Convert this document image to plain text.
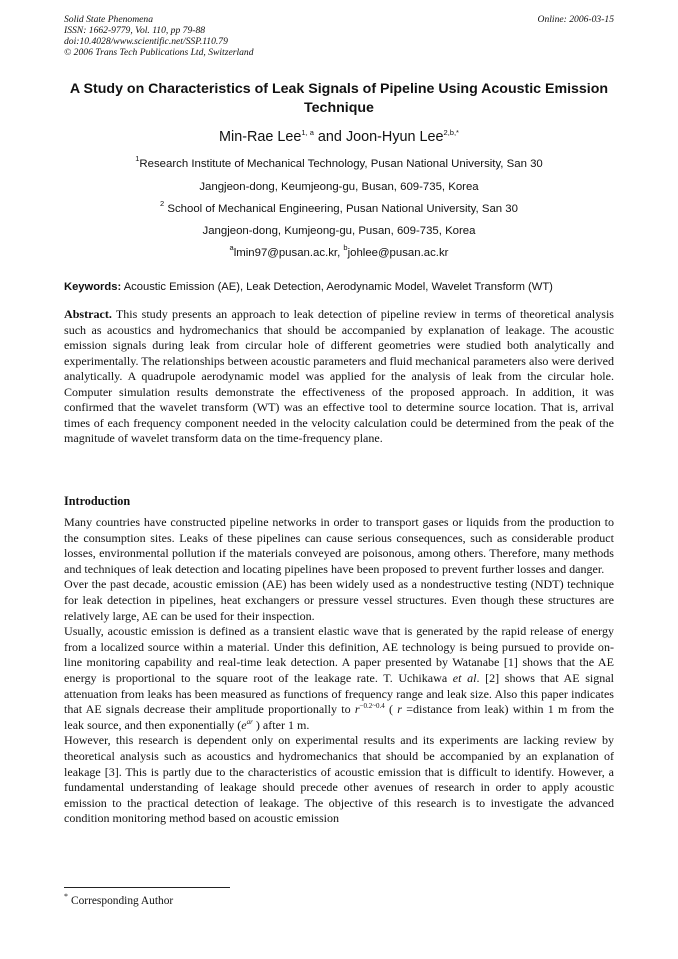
Solid State Phenomena
ISSN: 1662-9779, Vol. 110, pp 79-88
doi:10.4028/www.scientific.net/SSP.110.79
© 2006 Trans Tech Publications Ltd, Switzerland
Online: 2006-03-15
A Study on Characteristics of Leak Signals of Pipeline Using Acoustic Emission Technique
Min-Rae Lee$^{1, a}$ and Joon-Hyun Lee$^{2,b,*}$
$^1$Research Institute of Mechanical Technology, Pusan National University, San 30
Jangjeon-dong, Keumjeong-gu, Busan, 609-735, Korea
$^2$ School of Mechanical Engineering, Pusan National University, San 30
Jangjeon-dong, Kumjeong-gu, Pusan, 609-735, Korea
$^a$lmin97@pusan.ac.kr, $^b$johlee@pusan.ac.kr
Keywords: Acoustic Emission (AE), Leak Detection, Aerodynamic Model, Wavelet Transform (WT)

Abstract. This study presents an approach to leak detection of pipeline review in terms of theoretical analysis such as acoustics and hydromechanics that should be accompanied by explanation of leakage. The acoustic emission signals during leak from circular hole of different geometries were studied both analytically and experimentally. The relationships between acoustic parameters and fluid mechanical parameters also were derived analytically. A quadrupole aerodynamic model was applied for the analysis of leak from the circular hole. Computer simulation results demonstrate the effectiveness of the proposed approach. In addition, it was confirmed that the wavelet transform (WT) was an effective tool to determine source location. That is, arrival times of each frequency component needed in the velocity calculation could be determined from the peak of the magnitude of wavelet transform data on the time-frequency plane.

Introduction

Many countries have constructed pipeline networks in order to transport gases or liquids from the production to the consumption sites. Leaks of these pipelines can cause serious consequences, such as considerable product losses, environmental pollution if the materials conveyed are poisonous, among others. Therefore, many methods and techniques of leak detection and locating pipelines have been proposed to prevent further losses and danger.

Over the past decade, acoustic emission (AE) has been widely used as a nondestructive testing (NDT) technique for leak detection in pipelines, heat exchangers or pressure vessel structures. Even though these structures are relatively large, AE can be used for their inspection.

Usually, acoustic emission is defined as a transient elastic wave that is generated by the rapid release of energy from a localized source within a material. Under this definition, AE technology is being pursued to provide on-line monitoring capability and real-time leak detection. A paper presented by Watanabe [1] shows that the AE energy is proportional to the square root of the leakage rate. T. Uchikawa et al. [2] shows that AE signal attenuation from leaks has been measured as functions of frequency range and leak size. Also this paper indicates that AE signals decrease their amplitude proportionally to $r^{-0.2\sim 0.4}$ ( r =distance from leak) within 1 m from the leak source, and then exponentially ($e^{ar}$ ) after 1 m.

However, this research is dependent only on experimental results and its experiments are lacking review by theoretical analysis such as acoustics and hydromechanics that should be accompanied by an explanation of leakage [3]. This is partly due to the characteristics of acoustic emission that is difficult to identify. However, a fundamental understanding of leakage should precede other avenues of research in order to apply acoustic emission to the practical detection of leakage. The objective of this research is to investigate the advanced condition monitoring method based on acoustic emission

* Corresponding Author
